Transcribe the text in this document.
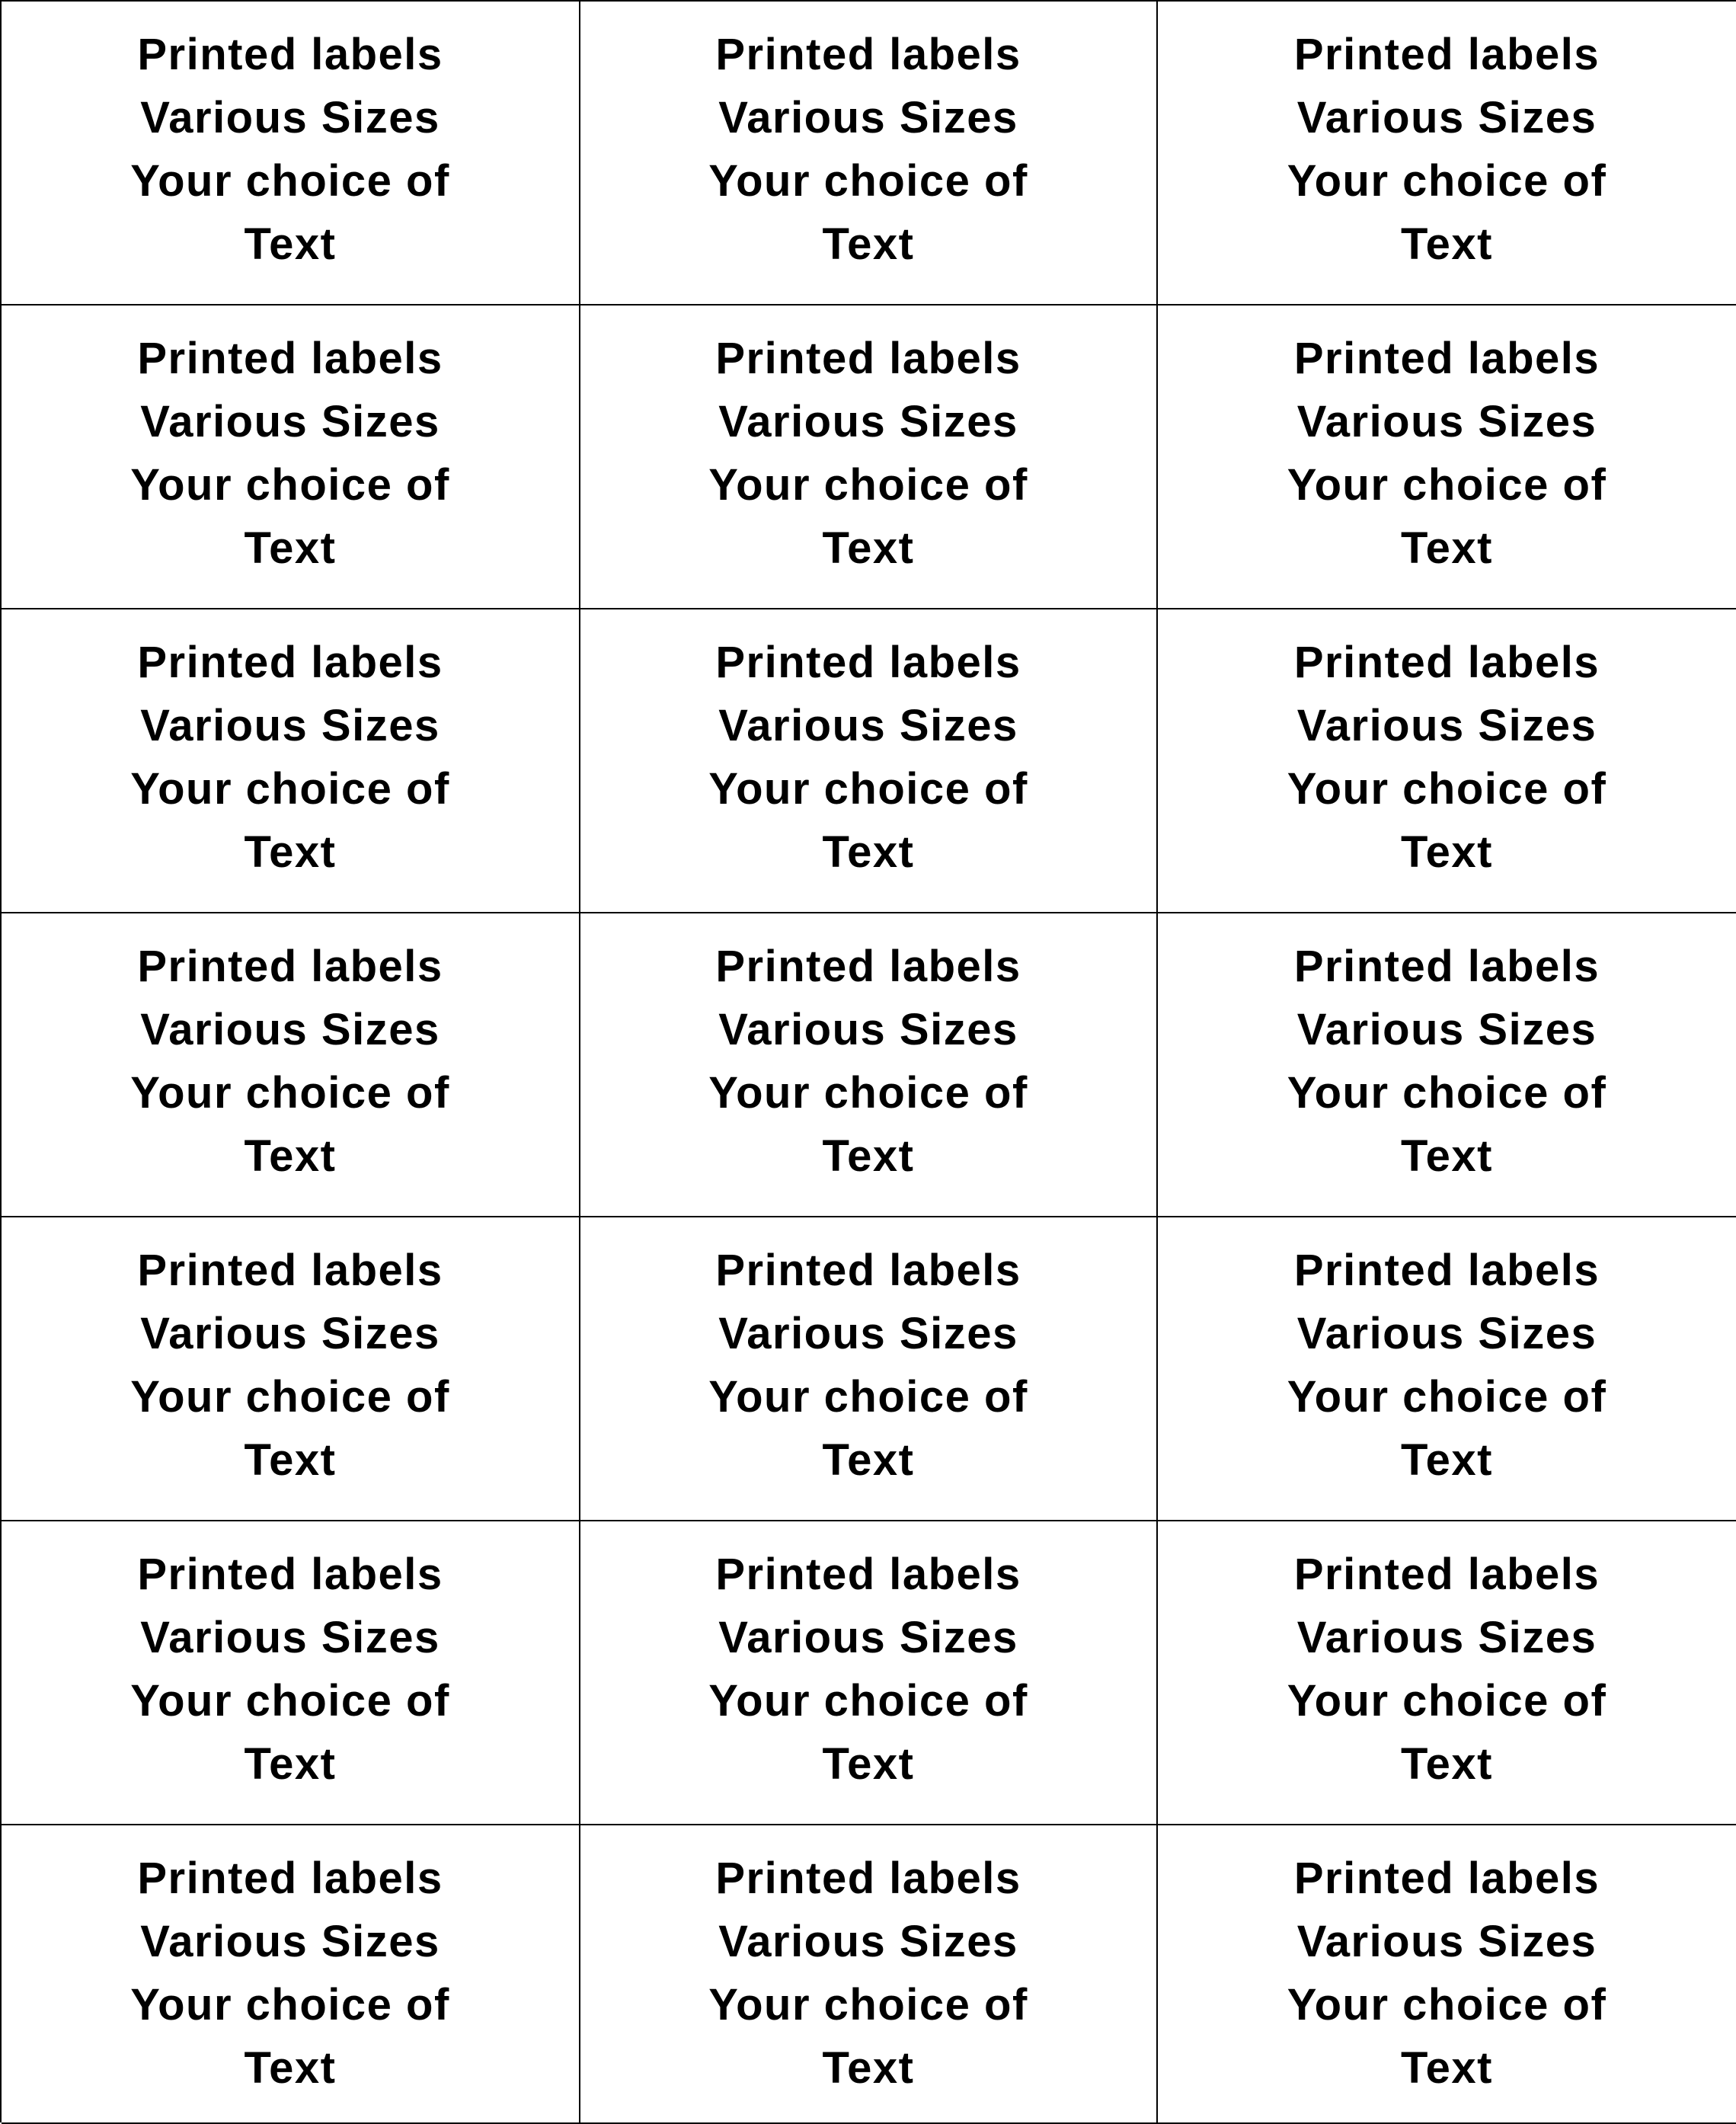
Printed labels
Various Sizes
Your choice of
Text
Printed labels
Various Sizes
Your choice of
Text
Printed labels
Various Sizes
Your choice of
Text
Printed labels
Various Sizes
Your choice of
Text
Printed labels
Various Sizes
Your choice of
Text
Printed labels
Various Sizes
Your choice of
Text
Printed labels
Various Sizes
Your choice of
Text
Printed labels
Various Sizes
Your choice of
Text
Printed labels
Various Sizes
Your choice of
Text
Printed labels
Various Sizes
Your choice of
Text
Printed labels
Various Sizes
Your choice of
Text
Printed labels
Various Sizes
Your choice of
Text
Printed labels
Various Sizes
Your choice of
Text
Printed labels
Various Sizes
Your choice of
Text
Printed labels
Various Sizes
Your choice of
Text
Printed labels
Various Sizes
Your choice of
Text
Printed labels
Various Sizes
Your choice of
Text
Printed labels
Various Sizes
Your choice of
Text
Printed labels
Various Sizes
Your choice of
Text
Printed labels
Various Sizes
Your choice of
Text
Printed labels
Various Sizes
Your choice of
Text
